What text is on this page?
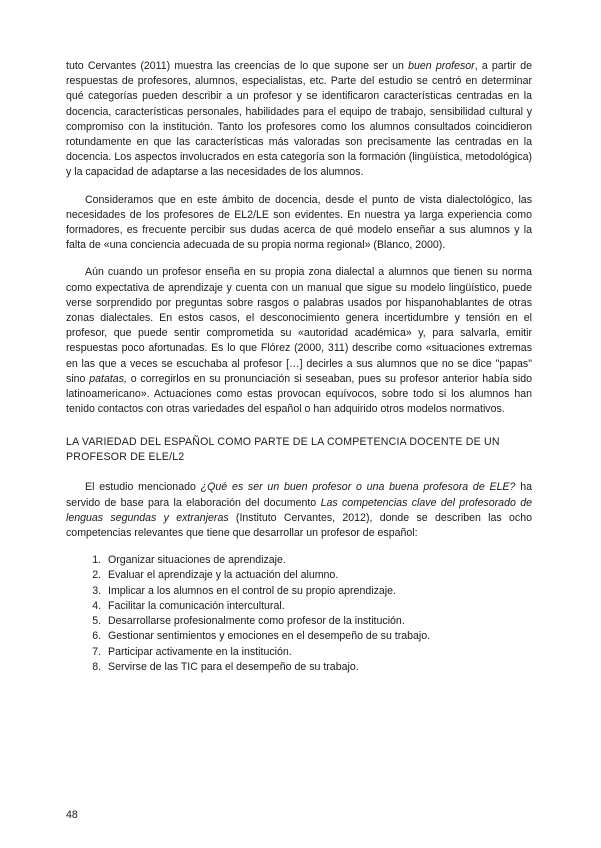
tuto Cervantes (2011) muestra las creencias de lo que supone ser un buen profesor, a partir de respuestas de profesores, alumnos, especialistas, etc. Parte del estudio se centró en determinar qué categorías pueden describir a un profesor y se identificaron características centradas en la docencia, características personales, habilidades para el equipo de trabajo, sensibilidad cultural y compromiso con la institución. Tanto los profesores como los alumnos consultados coincidieron rotundamente en que las características más valoradas son precisamente las centradas en la docencia. Los aspectos involucrados en esta categoría son la formación (lingüística, metodológica) y la capacidad de adaptarse a las necesidades de los alumnos.

Consideramos que en este ámbito de docencia, desde el punto de vista dialectológico, las necesidades de los profesores de EL2/LE son evidentes. En nuestra ya larga experiencia como formadores, es frecuente percibir sus dudas acerca de qué modelo enseñar a sus alumnos y la falta de «una conciencia adecuada de su propia norma regional» (Blanco, 2000).

Aún cuando un profesor enseña en su propia zona dialectal a alumnos que tienen su norma como expectativa de aprendizaje y cuenta con un manual que sigue su modelo lingüístico, puede verse sorprendido por preguntas sobre rasgos o palabras usados por hispanohablantes de otras zonas dialectales. En estos casos, el desconocimiento genera incertidumbre y tensión en el profesor, que puede sentir comprometida su «autoridad académica» y, para salvarla, emitir respuestas poco afortunadas. Es lo que Flórez (2000, 311) describe como «situaciones extremas en las que a veces se escuchaba al profesor […] decirles a sus alumnos que no se dice "papas" sino patatas, o corregirlos en su pronunciación si seseaban, pues su profesor anterior había sido latinoamericano». Actuaciones como estas provocan equívocos, sobre todo si los alumnos han tenido contactos con otras variedades del español o han adquirido otros modelos normativos.

LA VARIEDAD DEL ESPAÑOL COMO PARTE DE LA COMPETENCIA DOCENTE DE UN PROFESOR DE ELE/L2

El estudio mencionado ¿Qué es ser un buen profesor o una buena profesora de ELE? ha servido de base para la elaboración del documento Las competencias clave del profesorado de lenguas segundas y extranjeras (Instituto Cervantes, 2012), donde se describen las ocho competencias relevantes que tiene que desarrollar un profesor de español:

1. Organizar situaciones de aprendizaje.
2. Evaluar el aprendizaje y la actuación del alumno.
3. Implicar a los alumnos en el control de su propio aprendizaje.
4. Facilitar la comunicación intercultural.
5. Desarrollarse profesionalmente como profesor de la institución.
6. Gestionar sentimientos y emociones en el desempeño de su trabajo.
7. Participar activamente en la institución.
8. Servirse de las TIC para el desempeño de su trabajo.
48
